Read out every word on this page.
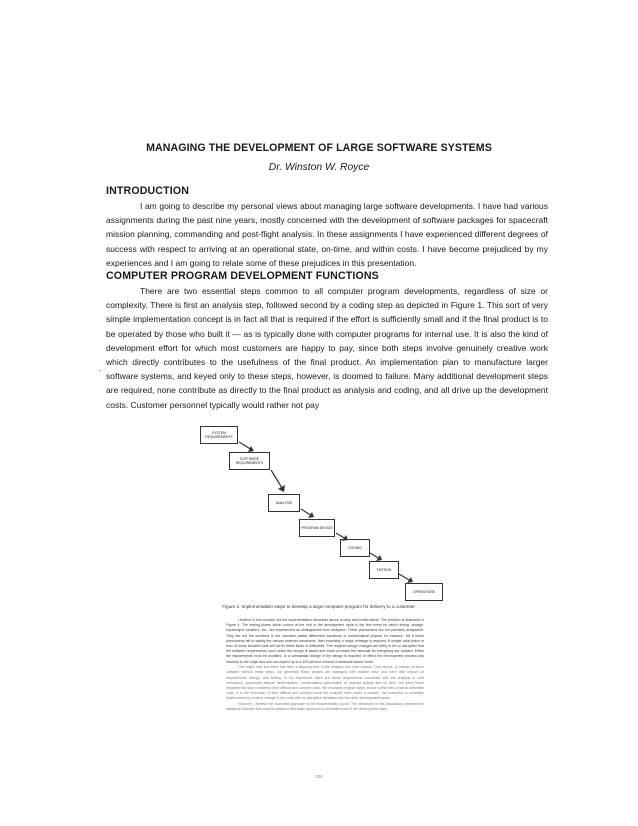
MANAGING THE DEVELOPMENT OF LARGE SOFTWARE SYSTEMS
Dr. Winston W. Royce
INTRODUCTION

I am going to describe my personal views about managing large software developments. I have had various assignments during the past nine years, mostly concerned with the development of software packages for spacecraft mission planning, commanding and post-flight analysis. In these assignments I have experienced different degrees of success with respect to arriving at an operational state, on-time, and within costs. I have become prejudiced by my experiences and I am going to relate some of these prejudices in this presentation.

COMPUTER PROGRAM DEVELOPMENT FUNCTIONS

There are two essential steps common to all computer program developments, regardless of size or complexity. There is first an analysis step, followed second by a coding step as depicted in Figure 1. This sort of very simple implementation concept is in fact all that is required if the effort is sufficiently small and if the final product is to be operated by those who built it — as is typically done with computer programs for internal use. It is also the kind of development effort for which most customers are happy to pay, since both steps involve genuinely creative work which directly contributes to the usefulness of the final product. An implementation plan to manufacture larger software systems, and keyed only to these steps, however, is doomed to failure. Many additional development steps are required, none contribute as directly to the final product as analysis and coding, and all drive up the development costs. Customer personnel typically would rather not pay

·
SYSTEM REQUIREMENTS
SOFTWARE REQUIREMENTS
ANALYSIS
PROGRAM DESIGN
CODING
TESTING
OPERATIONS
Figure 2. Implementation steps to develop a large computer program for delivery to a customer.

I believe in this concept, but the implementation described above is risky and invites failure. The problem is illustrated in Figure 4. The testing phase which occurs at the end of the development cycle is the first event for which timing, storage, input/output transfers, etc., are experienced as distinguished from analyzed. These phenomena are not precisely analyzable. They are not the solutions to the standard partial differential equations of mathematical physics for instance. Yet if these phenomena fail to satisfy the various external constraints, then invariably a major redesign is required. A simple octal patch or redo of some isolated code will not fix these kinds of difficulties. The required design changes are likely to be so disruptive that the software requirements upon which the design is based and which provides the rationale for everything are violated. Either the requirements must be modified, or a substantial change in the design is required. In effect the development process has returned to the origin and one can expect up to a 100-percent overrun in schedule and/or costs.

One might note that there has been a skipping-over of the analysis and code phases. One cannot, of course, produce software without these steps, but generally these phases are managed with relative ease and have little impact on requirements, design, and testing. In my experience there are whole departments consumed with the analysis of orbit mechanics, spacecraft attitude determination, mathematical optimization of payload activity and so forth, but when these departments have completed their difficult and complex work, the resultant program steps involve a few lines of serial arithmetic code. If in the execution of their difficult and complex work the analysts have made a mistake, the correction is invariably implemented by a minor change in the code with no disruptive feedback into the other development bases.

However, I believe the illustrated approach to be fundamentally sound. The remainder of this discussion presents five additional features that must be added to this basic approach to eliminate most of the development risks.

328
